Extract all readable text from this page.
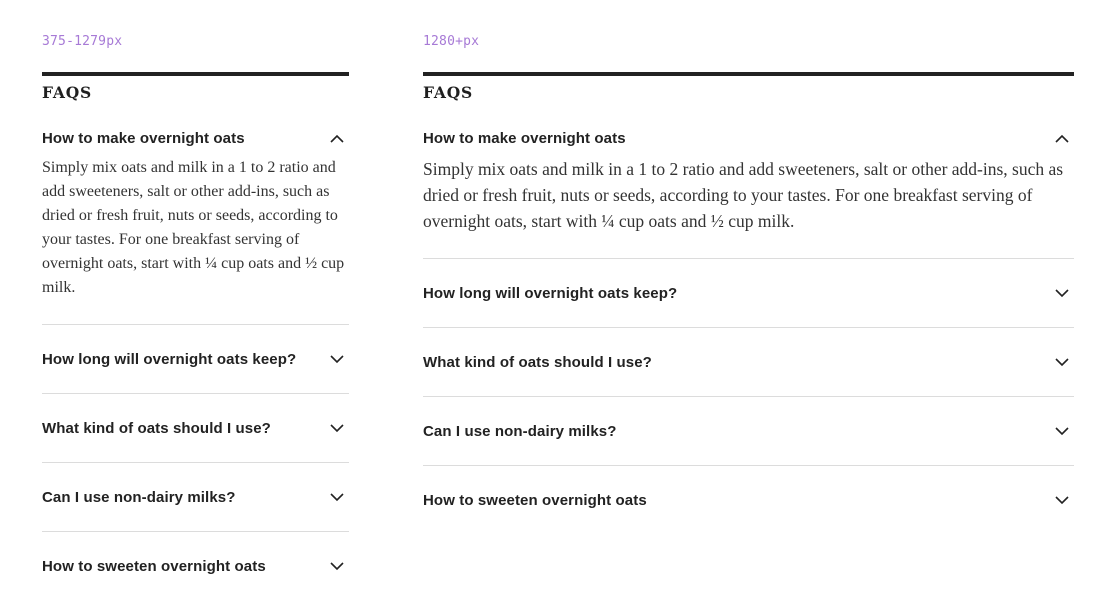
375-1279px
FAQS
How to make overnight oats
Simply mix oats and milk in a 1 to 2 ratio and add sweeteners, salt or other add-ins, such as dried or fresh fruit, nuts or seeds, according to your tastes. For one breakfast serving of overnight oats, start with ¼ cup oats and ½ cup milk.
How long will overnight oats keep?
What kind of oats should I use?
Can I use non-dairy milks?
How to sweeten overnight oats
1280+px
FAQS
How to make overnight oats
Simply mix oats and milk in a 1 to 2 ratio and add sweeteners, salt or other add-ins, such as dried or fresh fruit, nuts or seeds, according to your tastes. For one breakfast serving of overnight oats, start with ¼ cup oats and ½ cup milk.
How long will overnight oats keep?
What kind of oats should I use?
Can I use non-dairy milks?
How to sweeten overnight oats
